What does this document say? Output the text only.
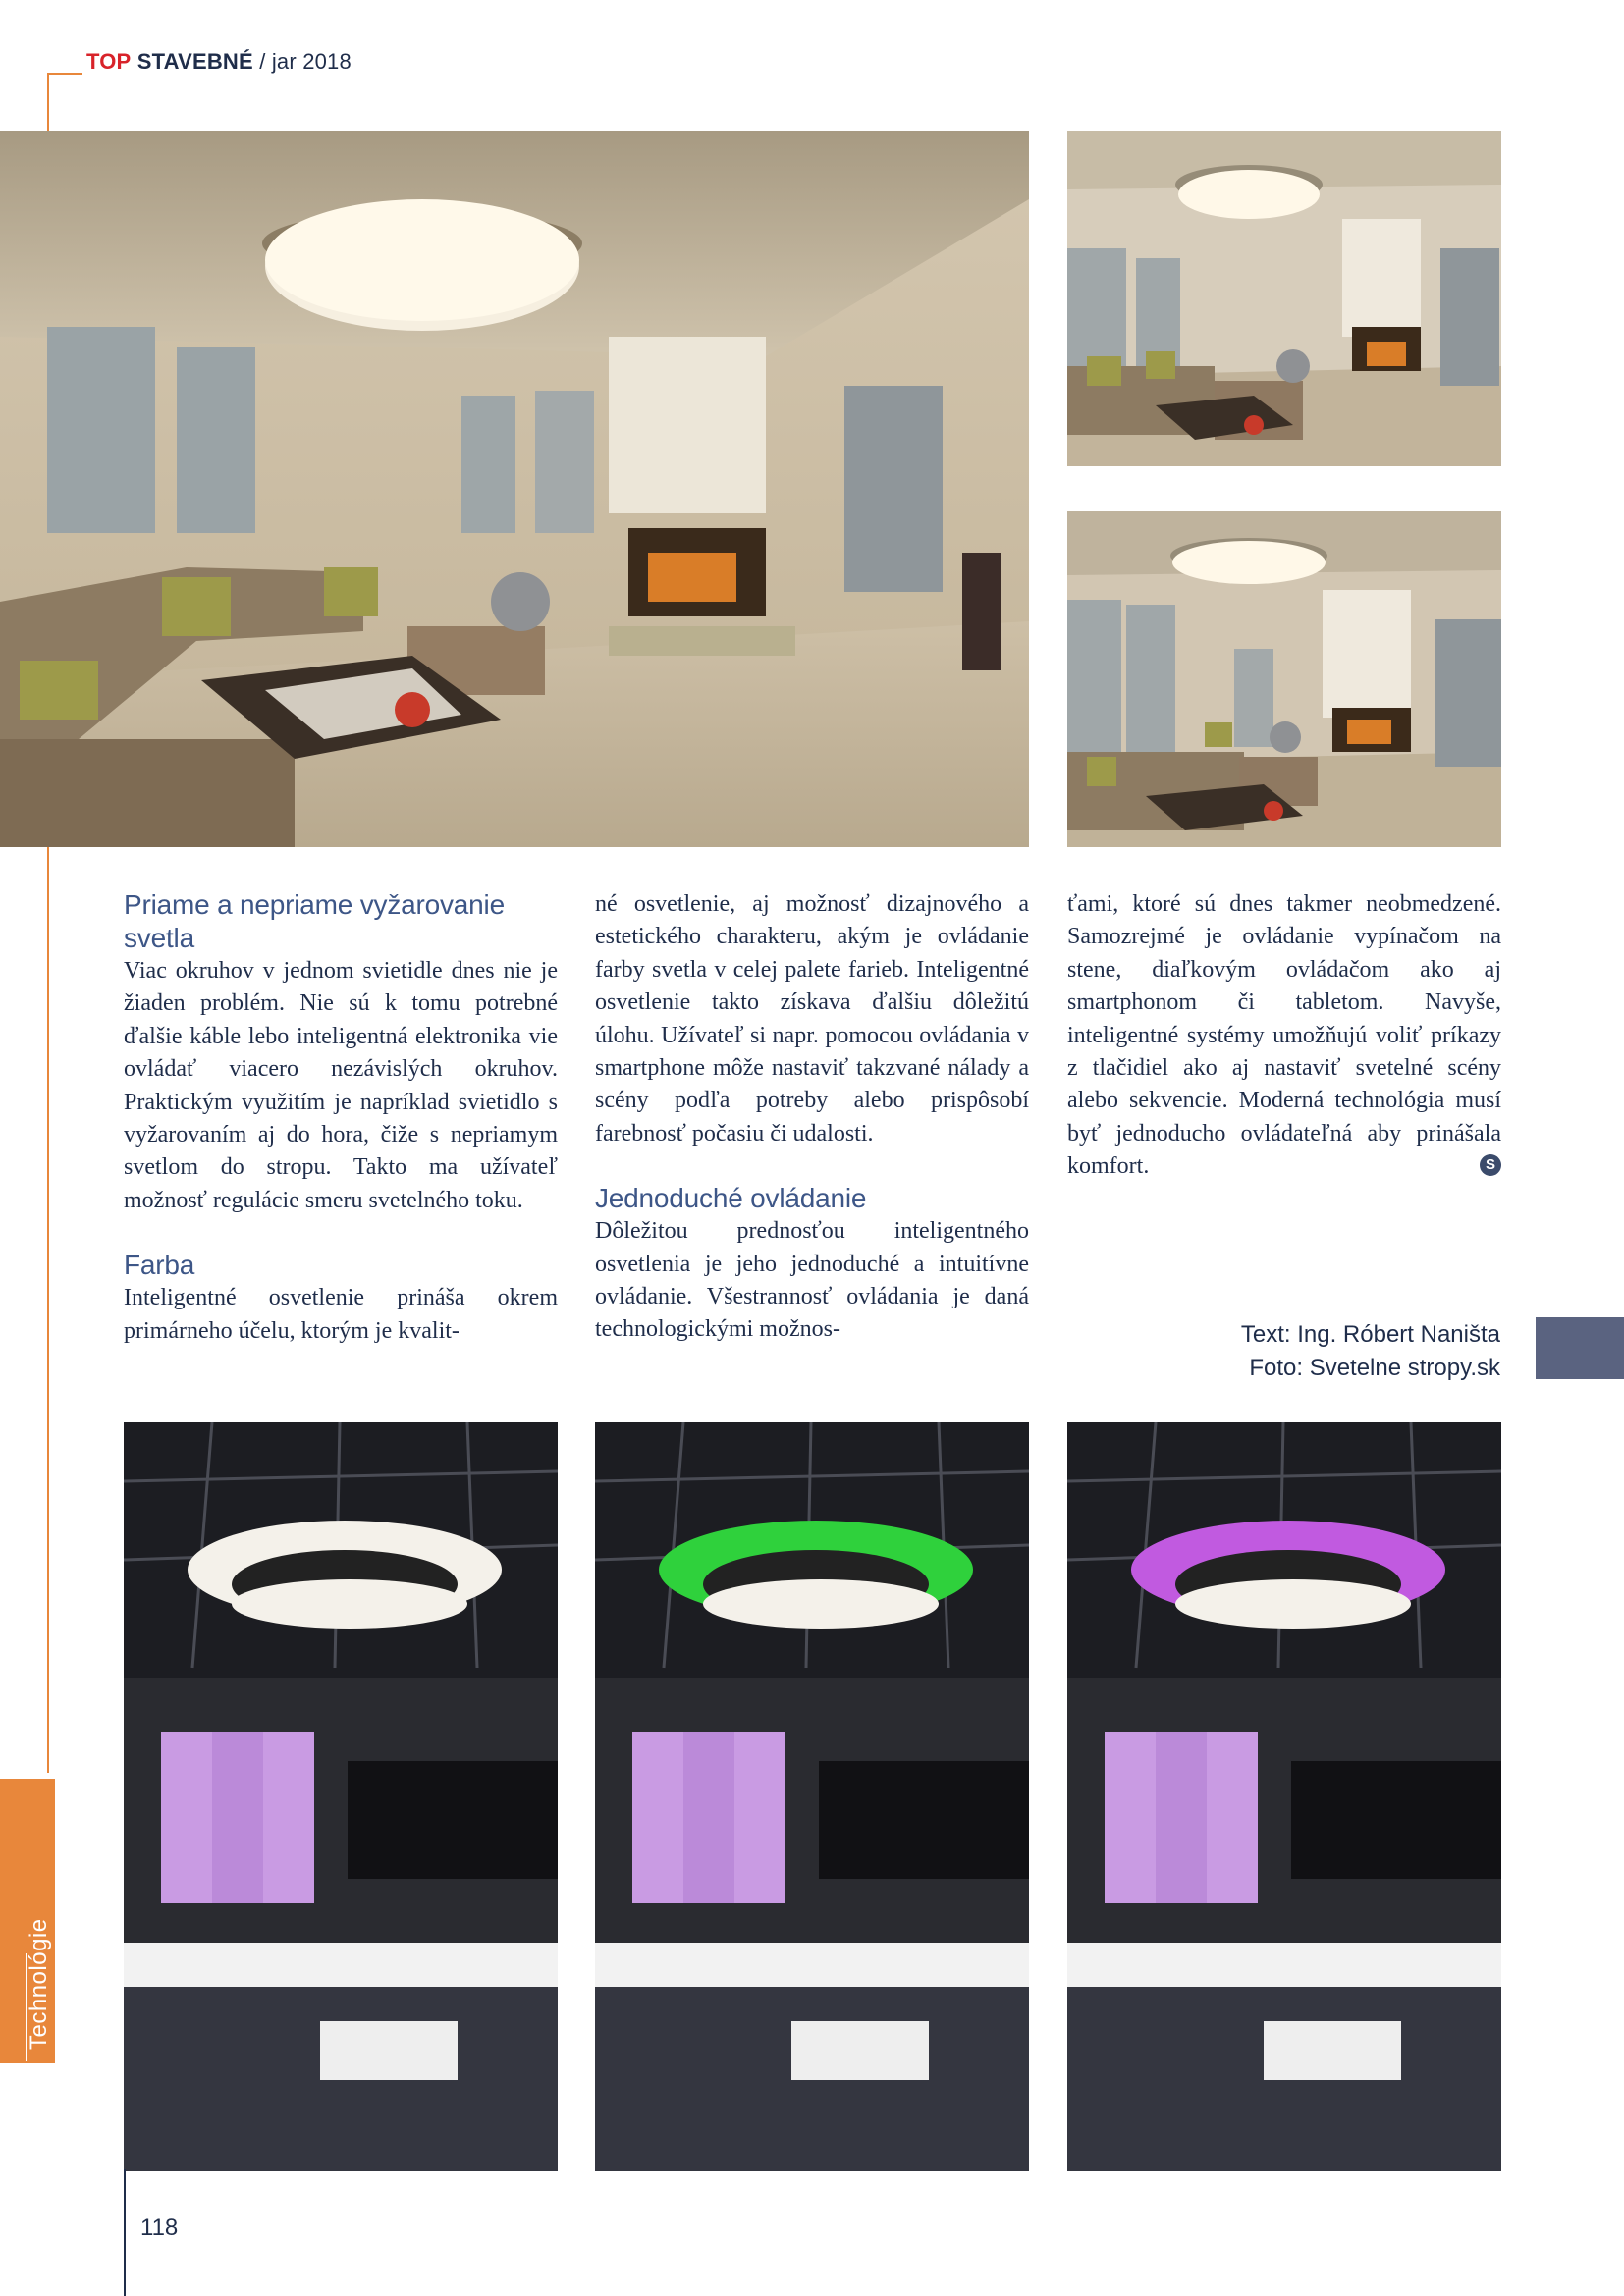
TOP STAVEBNÉ / jar 2018
Priame a nepriame vyžarovanie svetla

Viac okruhov v jednom svietidle dnes nie je žiaden problém. Nie sú k tomu potrebné ďalšie káble lebo inteligentná elektronika vie ovládať viacero nezávislých okruhov. Praktickým využitím je napríklad svietidlo s vyžarovaním aj do hora, čiže s nepriamym svetlom do stropu. Takto ma užívateľ možnosť regulácie smeru svetelného toku.

Farba

Inteligentné osvetlenie prináša okrem primárneho účelu, ktorým je kvalit-

né osvetlenie, aj možnosť dizajnového a estetického charakteru, akým je ovládanie farby svetla v celej palete farieb. Inteligentné osvetlenie takto získava ďalšiu dôležitú úlohu. Užívateľ si napr. pomocou ovládania v smartphone môže nastaviť takzvané nálady a scény podľa potreby alebo prispôsobí farebnosť počasiu či udalosti.

Jednoduché ovládanie

Dôležitou prednosťou inteligentného osvetlenia je jeho jednoduché a intuitívne ovládanie. Všestrannosť ovládania je daná technologickými možnos-

ťami, ktoré sú dnes takmer neobmedzené. Samozrejmé je ovládanie vypínačom na stene, diaľkovým ovládačom ako aj smartphonom či tabletom. Navyše, inteligentné systémy umožňujú voliť príkazy z tlačidiel ako aj nastaviť svetelné scény alebo sekvencie. Moderná technológia musí byť jednoducho ovládateľná aby prinášala komfort.	S

Text: Ing. Róbert Naništa
Foto: Svetelne stropy.sk
Technológie
118
